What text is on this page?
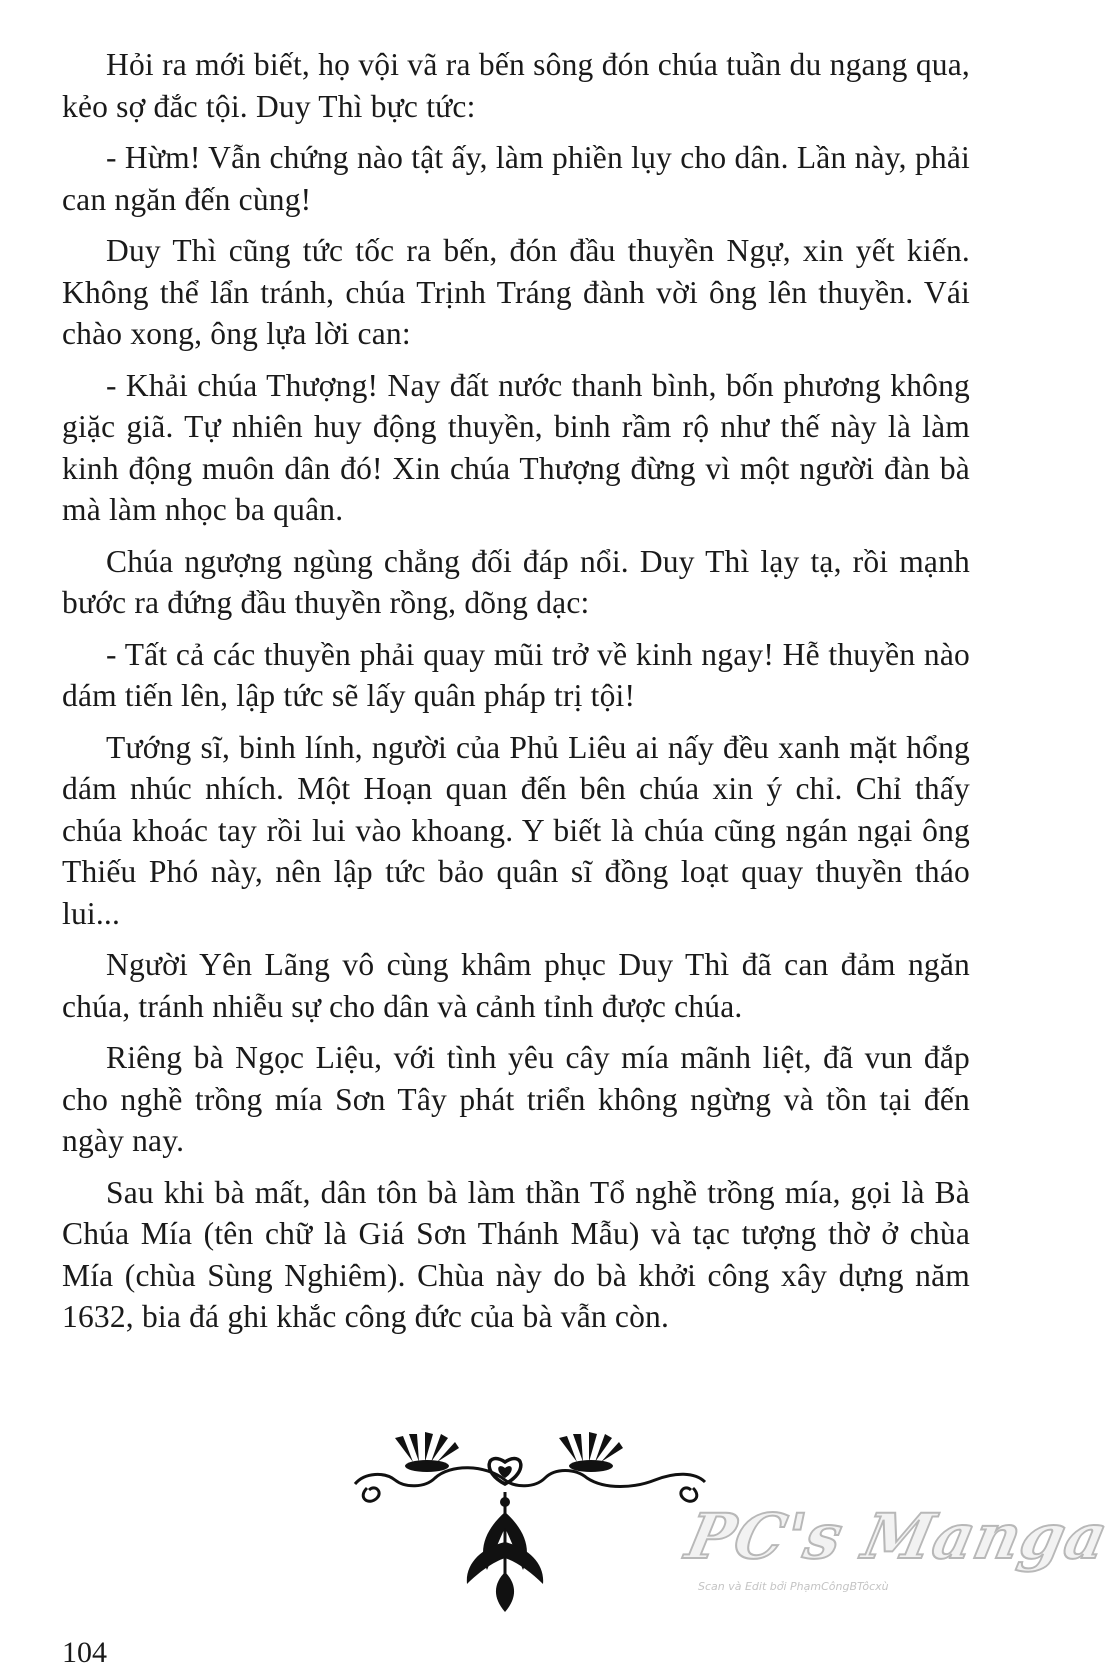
Hỏi ra mới biết, họ vội vã ra bến sông đón chúa tuần du ngang qua, kẻo sợ đắc tội. Duy Thì bực tức:

- Hừm! Vẫn chứng nào tật ấy, làm phiền lụy cho dân. Lần này, phải can ngăn đến cùng!

Duy Thì cũng tức tốc ra bến, đón đầu thuyền Ngự, xin yết kiến. Không thể lẩn tránh, chúa Trịnh Tráng đành vời ông lên thuyền. Vái chào xong, ông lựa lời can:

- Khải chúa Thượng! Nay đất nước thanh bình, bốn phương không giặc giã. Tự nhiên huy động thuyền, binh rầm rộ như thế này là làm kinh động muôn dân đó! Xin chúa Thượng đừng vì một người đàn bà mà làm nhọc ba quân.

Chúa ngượng ngùng chẳng đối đáp nổi. Duy Thì lạy tạ, rồi mạnh bước ra đứng đầu thuyền rồng, dõng dạc:

- Tất cả các thuyền phải quay mũi trở về kinh ngay! Hễ thuyền nào dám tiến lên, lập tức sẽ lấy quân pháp trị tội!

Tướng sĩ, binh lính, người của Phủ Liêu ai nấy đều xanh mặt hổng dám nhúc nhích. Một Hoạn quan đến bên chúa xin ý chỉ. Chỉ thấy chúa khoác tay rồi lui vào khoang. Y biết là chúa cũng ngán ngại ông Thiếu Phó này, nên lập tức bảo quân sĩ đồng loạt quay thuyền tháo lui...

Người Yên Lãng vô cùng khâm phục Duy Thì đã can đảm ngăn chúa, tránh nhiễu sự cho dân và cảnh tỉnh được chúa.

Riêng bà Ngọc Liệu, với tình yêu cây mía mãnh liệt, đã vun đắp cho nghề trồng mía Sơn Tây phát triển không ngừng và tồn tại đến ngày nay.

Sau khi bà mất, dân tôn bà làm thần Tổ nghề trồng mía, gọi là Bà Chúa Mía (tên chữ là Giá Sơn Thánh Mẫu) và tạc tượng thờ ở chùa Mía (chùa Sùng Nghiêm). Chùa này do bà khởi công xây dựng năm 1632, bia đá ghi khắc công đức của bà vẫn còn.

PC's Manga
Scan và Edit bởi PhạmCôngBTôcxù
104
